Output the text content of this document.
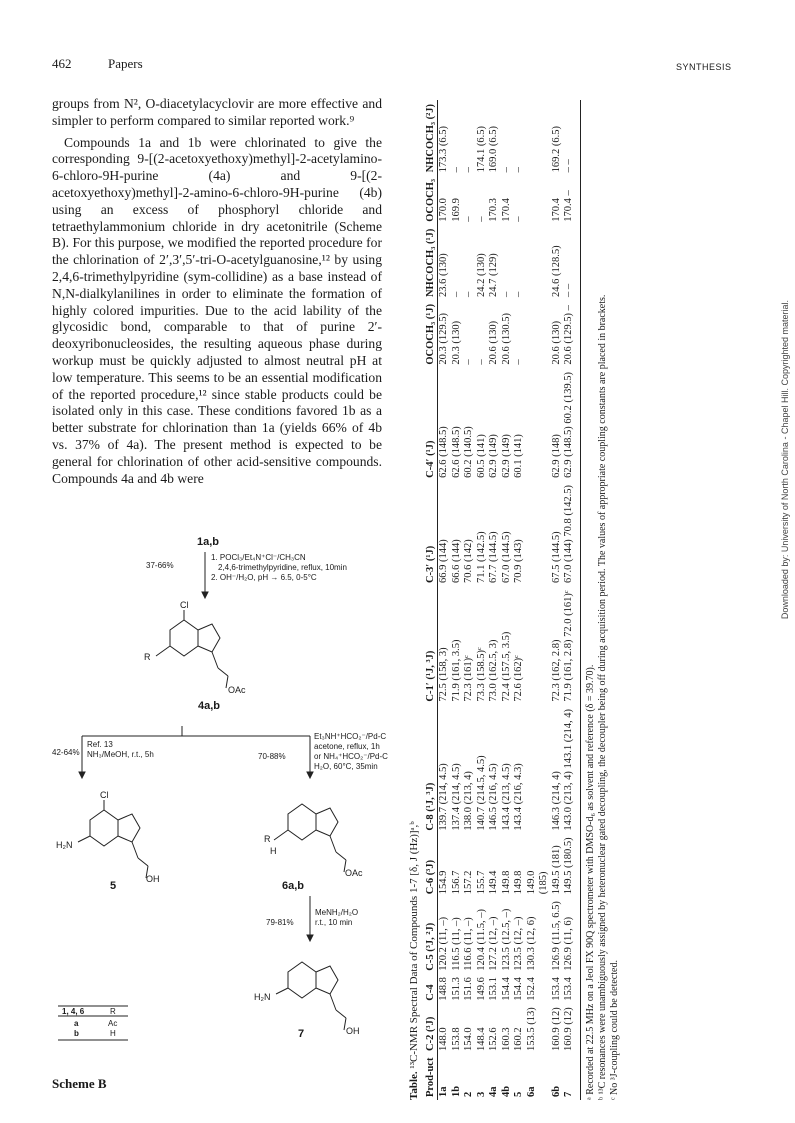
462	Papers	SYNTHESIS

groups from N², O-diacetylacyclovir are more effective and simpler to perform compared to similar reported work.⁹

Compounds 1a and 1b were chlorinated to give the corresponding 9-[(2-acetoxyethoxy)methyl]-2-acetylamino-6-chloro-9H-purine (4a) and 9-[(2-acetoxyethoxy)methyl]-2-amino-6-chloro-9H-purine (4b) using an excess of phosphoryl chloride and tetraethylammonium chloride in dry acetonitrile (Scheme B). For this purpose, we modified the reported procedure for the chlorination of 2′,3′,5′-tri-O-acetylguanosine,¹² by using 2,4,6-trimethylpyridine (sym-collidine) as a base instead of N,N-dialkylanilines in order to eliminate the formation of highly colored impurities. Due to the acid lability of the glycosidic bond, comparable to that of purine 2′-deoxyribonucleosides, the resulting aqueous phase during workup must be quickly adjusted to almost neutral pH at low temperature. This seems to be an essential modification of the reported procedure,¹² since stable products could be isolated only in this case. These conditions favored 1b as a better substrate for chlorination than 1a (yields 66% of 4b vs. 37% of 4a). The present method is expected to be general for chlorination of other acid-sensitive compounds. Compounds 4a and 4b were

1a,b
37-66%
1. POCl₃/Et₄N⁺Cl⁻/CH₃CN
2,4,6-trimethylpyridine, reflux, 10min
2. OH⁻/H₂O, pH → 6.5, 0-5°C
Cl
R
OAc
4a,b
42-64%
Ref. 13
NH₃/MeOH, r.t., 5h	70-88%
Et₃NH⁺HCO₂⁻/Pd-C
acetone, reflux, 1h
or NH₄⁺HCO₂⁻/Pd-C
H₂O, 60°C, 35min
Cl
H₂N
OH
5
R
H
OAc
6a,b
79-81%
MeNH₂/H₂O
r.t., 10 min
H₂N
OH
7
1, 4, 6	R
a	Ac
b	H
Scheme B	Table. ¹³C-NMR Spectral Data of Compounds 1-7 [δ, J (Hz)]ᵃ,ᵇ
Prod-uct	C-2 (³J)	C-4	C-5 (³J, ²J)	C-6 (³J)	C-8 (¹J, ³J)	C-1′ (¹J, ³J)	C-3′ (¹J)	C-4′ (¹J)	OCOCH₃ (¹J)	NHCOCH₃ (¹J)	OCOCH₃	NHCOCH₃ (²J)
1a	148.0	148.8	120.2 (11, –)	154.9	139.7 (214, 4.5)	72.5 (158, 3)	66.9 (144)	62.6 (148.5)	20.3 (129.5)	23.6 (130)	170.0	173.3 (6.5)
1b	153.8	151.3	116.5 (11, –)	156.7	137.4 (214, 4.5)	71.9 (161, 3.5)	66.6 (144)	62.6 (148.5)	20.3 (130)	–	169.9	–
2	154.0	151.6	116.6 (11, –)	157.2	138.0 (213, 4)	72.3 (161)ᶜ	70.6 (142)	60.2 (140.5)	–	–	–	–
3	148.4	149.6	120.4 (11.5, –)	155.7	140.7 (214.5, 4.5)	73.3 (158.5)ᶜ	71.1 (142.5)	60.5 (141)	–	24.2 (130)	–	174.1 (6.5)
4a	152.6	153.1	127.2 (12, –)	149.4	146.5 (216, 4.5)	73.0 (162.5, 3)	67.7 (144.5)	62.9 (149)	20.6 (130)	24.7 (129)	170.3	169.0 (6.5)
4b	160.3	154.4	123.5 (12.5, –)	149.8	143.4 (213, 4.5)	72.4 (157.5, 3.5)	67.0 (144.5)	62.9 (149)	20.6 (130.5)	–	170.4	–
5	160.2	154.4	123.5 (12, –)	149.8	143.4 (216, 4.3)	72.6 (162)ᶜ	70.9 (143)	60.1 (141)	–	–	–	–
6a	153.5 (13)	152.4	130.3 (12, 6)	149.0								
				(185)								
6b	160.9 (12)	153.4	126.9 (11.5, 6.5)	149.5 (181)	146.3 (214, 4)	72.3 (162, 2.8)	67.5 (144.5)	62.9 (148)	20.6 (130)	24.6 (128.5)	170.4	169.2 (6.5)
7	160.9 (12)	153.4	126.9 (11, 6)	149.5 (180.5)	143.0 (213, 4) 143.1 (214, 4)	71.9 (161, 2.8) 72.0 (161)ᶜ	67.0 (144) 70.8 (142.5)	62.9 (148.5) 60.2 (139.5)	20.6 (129.5) –	– –	170.4 –	– –
ᵃ Recorded at 22.5 MHz on a Jeol FX 90Q spectrometer with DMSO-d₆ as solvent and reference (δ = 39.70). ᵇ ¹³C resonances were unambiguously assigned by heteronuclear gated decoupling, the decoupler being off during acquisition period. The values of appropriate coupling constants are placed in brackets. ᶜ No ³J-coupling could be detected.
Downloaded by: University of North Carolina - Chapel Hill. Copyrighted material.
